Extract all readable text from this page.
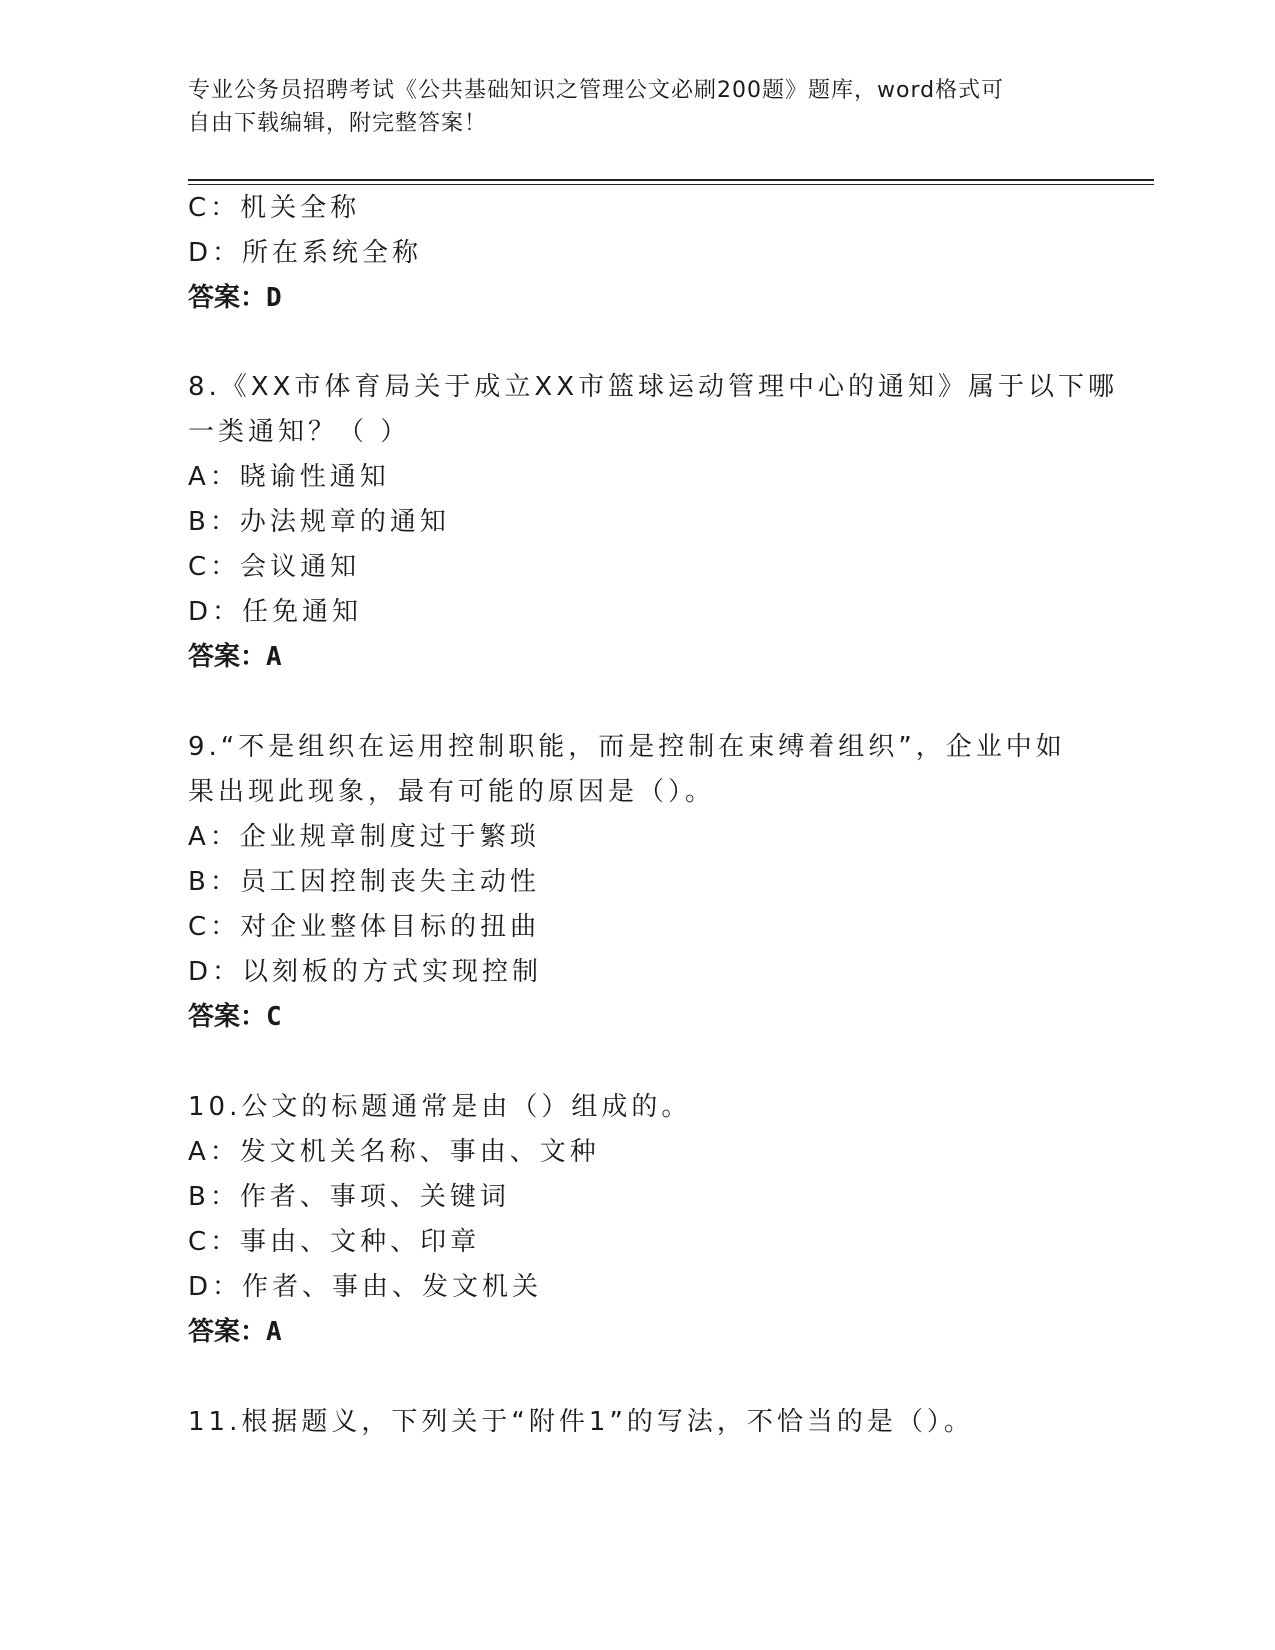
专业公务员招聘考试《公共基础知识之管理公文必刷200题》题库，word格式可
自由下载编辑，附完整答案！
C：机关全称
D：所在系统全称
答案：D
8.《XX市体育局关于成立XX市篮球运动管理中心的通知》属于以下哪
一类通知？（ ）
A：晓谕性通知
B：办法规章的通知
C：会议通知
D：任免通知
答案：A
9.“不是组织在运用控制职能，而是控制在束缚着组织”，企业中如
果出现此现象，最有可能的原因是（）。
A：企业规章制度过于繁琐
B：员工因控制丧失主动性
C：对企业整体目标的扭曲
D：以刻板的方式实现控制
答案：C
10.公文的标题通常是由（）组成的。
A：发文机关名称、事由、文种
B：作者、事项、关键词
C：事由、文种、印章
D：作者、事由、发文机关
答案：A
11.根据题义，下列关于“附件1”的写法，不恰当的是（）。
